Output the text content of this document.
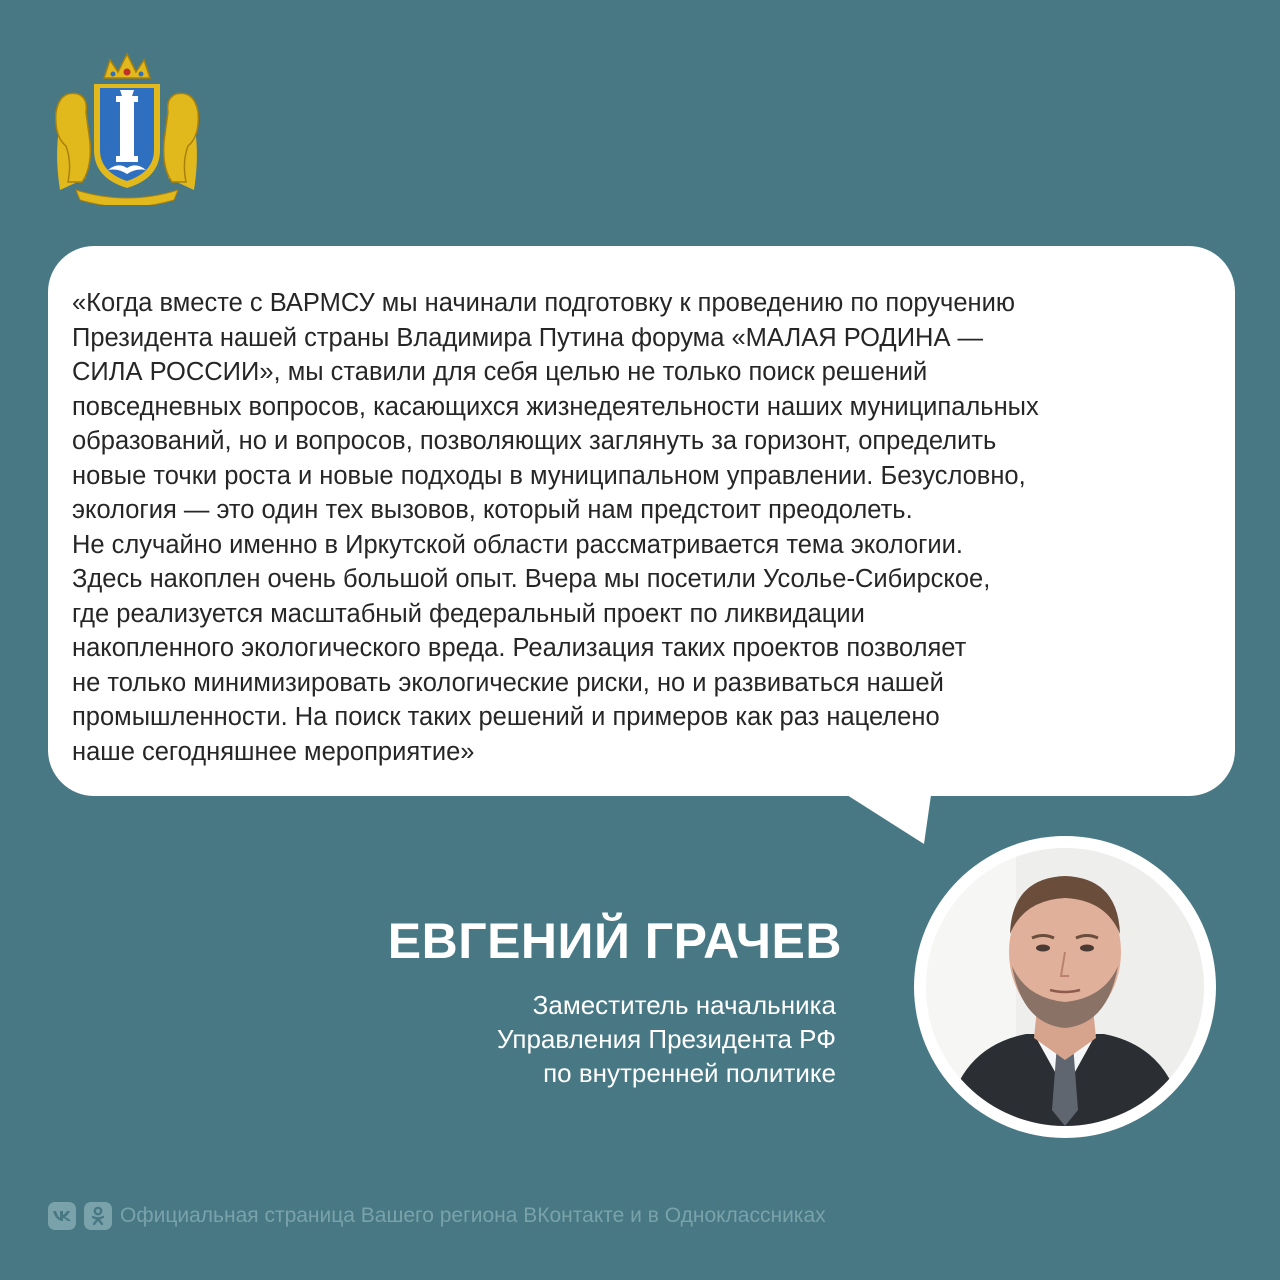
«Когда вместе с ВАРМСУ мы начинали подготовку к проведению по поручению
Президента нашей страны Владимира Путина форума «МАЛАЯ РОДИНА —
СИЛА РОССИИ», мы ставили для себя целью не только поиск решений
повседневных вопросов, касающихся жизнедеятельности наших муниципальных
образований, но и вопросов, позволяющих заглянуть за горизонт, определить
новые точки роста и новые подходы в муниципальном управлении. Безусловно,
экология — это один тех вызовов, который нам предстоит преодолеть.
Не случайно именно в Иркутской области рассматривается тема экологии.
Здесь накоплен очень большой опыт. Вчера мы посетили Усолье-Сибирское,
где реализуется масштабный федеральный проект по ликвидации
накопленного экологического вреда. Реализация таких проектов позволяет
не только минимизировать экологические риски, но и развиваться нашей
промышленности. На поиск таких решений и примеров как раз нацелено
наше сегодняшнее мероприятие»

ЕВГЕНИЙ ГРАЧЕВ
Заместитель начальника
Управления Президента РФ
по внутренней политике
Официальная страница Вашего региона ВКонтакте и в Одноклассниках
